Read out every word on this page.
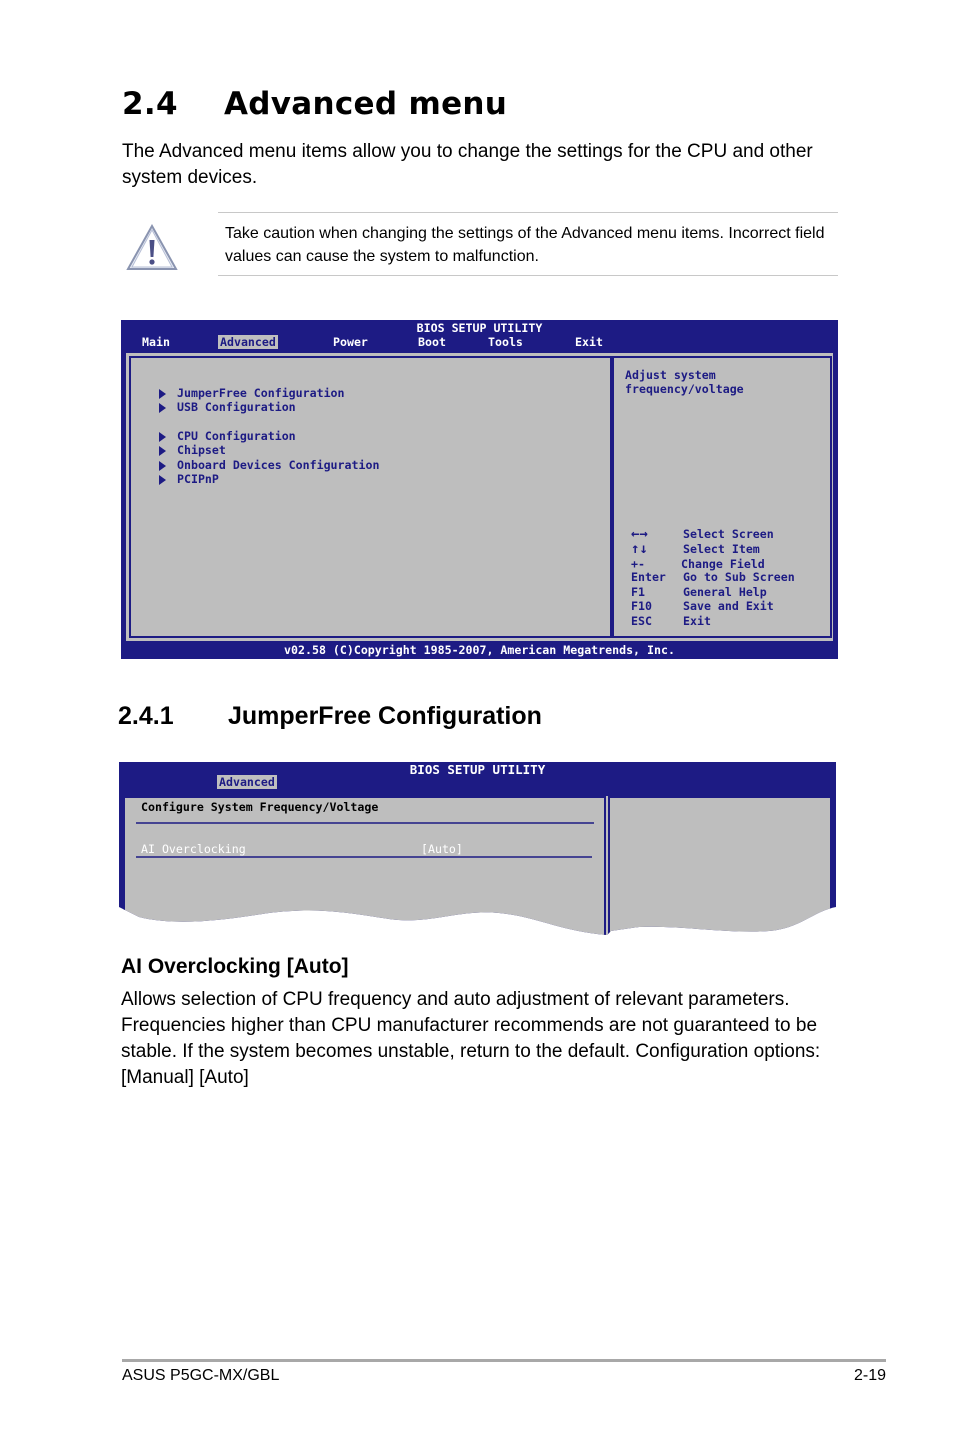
2.4 Advanced menu

The Advanced menu items allow you to change the settings for the CPU and other system devices.

Take caution when changing the settings of the Advanced menu items. Incorrect field values can cause the system to malfunction.

BIOS SETUP UTILITY
Main	Advanced	Power	Boot	Tools	Exit
JumperFree Configuration
USB Configuration
CPU Configuration
Chipset
Onboard Devices Configuration
PCIPnP
Adjust system
frequency/voltage
←→	Select Screen
↑↓	Select Item
+-	Change Field
Enter Go to Sub Screen
F1	General Help
F10	Save and Exit
ESC	Exit
v02.58 (C)Copyright 1985-2007, American Megatrends, Inc.
2.4.1 JumperFree Configuration
BIOS SETUP UTILITY
Advanced
Configure System Frequency/Voltage
AI Overclocking	[Auto]
AI Overclocking [Auto]

Allows selection of CPU frequency and auto adjustment of relevant parameters. Frequencies higher than CPU manufacturer recommends are not guaranteed to be stable. If the system becomes unstable, return to the default. Configuration options: [Manual] [Auto]

ASUS P5GC-MX/GBL	2-19
